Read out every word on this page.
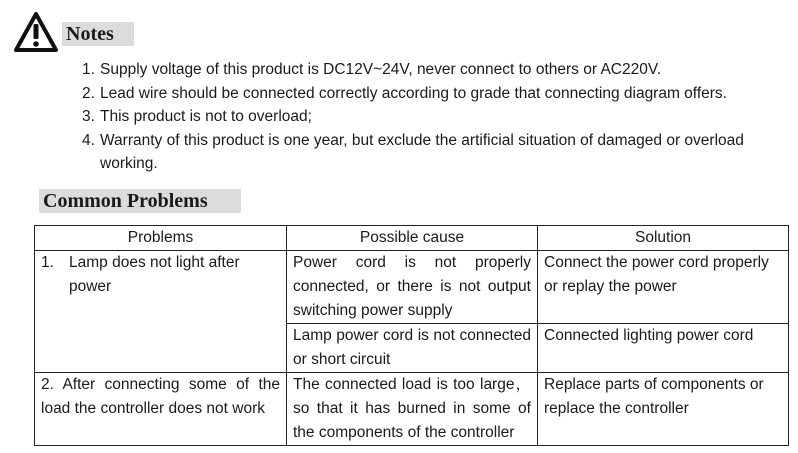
Notes
1. Supply voltage of this product is DC12V~24V, never connect to others or AC220V.
2. Lead wire should be connected correctly according to grade that connecting diagram offers.
3. This product is not to overload;
4. Warranty of this product is one year, but exclude the artificial situation of damaged or overload working.
Common Problems
Problems	Possible cause	Solution

1. Lamp does not light after power	Power cord is not properly connected, or there is not output switching power supply	Connect the power cord properly or replay the power
	Lamp power cord is not connected or short circuit	Connected lighting power cord
2. After connecting some of the load the controller does not work	The connected load is too large，so that it has burned in some of the components of the controller	Replace parts of components or replace the controller
